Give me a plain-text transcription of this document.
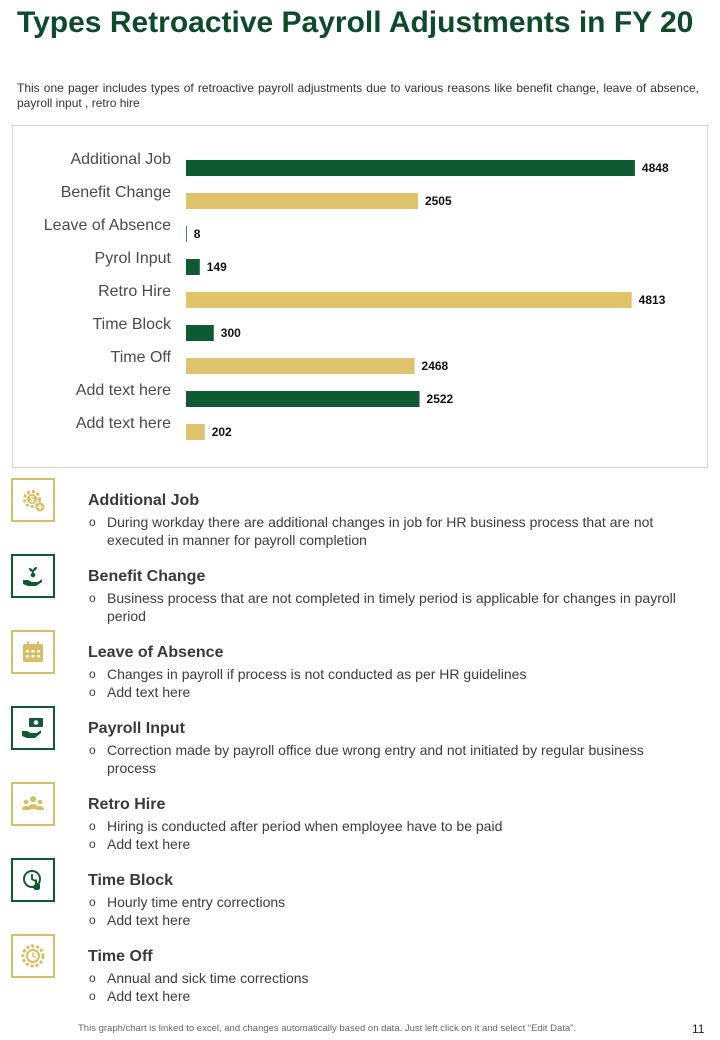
Types Retroactive Payroll Adjustments in FY 20

This one pager includes types of retroactive payroll adjustments due to various reasons like benefit change, leave of absence, payroll input , retro hire

Additional Job	4848
Benefit Change	2505
Leave of Absence 8
Pyrol Input	149
Retro Hire	4813
Time Block	300
Time Off	2468
Add text here	2522
Add text here	202
$	Additional Job
o During workday there are additional changes in job for HR business process that are not executed in manner for payroll completion
Benefit Change
o Business process that are not completed in timely period is applicable for changes in payroll period
Leave of Absence
o Changes in payroll if process is not conducted as per HR guidelines
o Add text here
Payroll Input
o Correction made by payroll office due wrong entry and not initiated by regular business process
Retro Hire
o Hiring is conducted after period when employee have to be paid
o Add text here
Time Block
o Hourly time entry corrections
o Add text here
Time Off
o Annual and sick time corrections
o Add text here
This graph/chart is linked to excel, and changes automatically based on data. Just left click on it and select “Edit Data”.	11
